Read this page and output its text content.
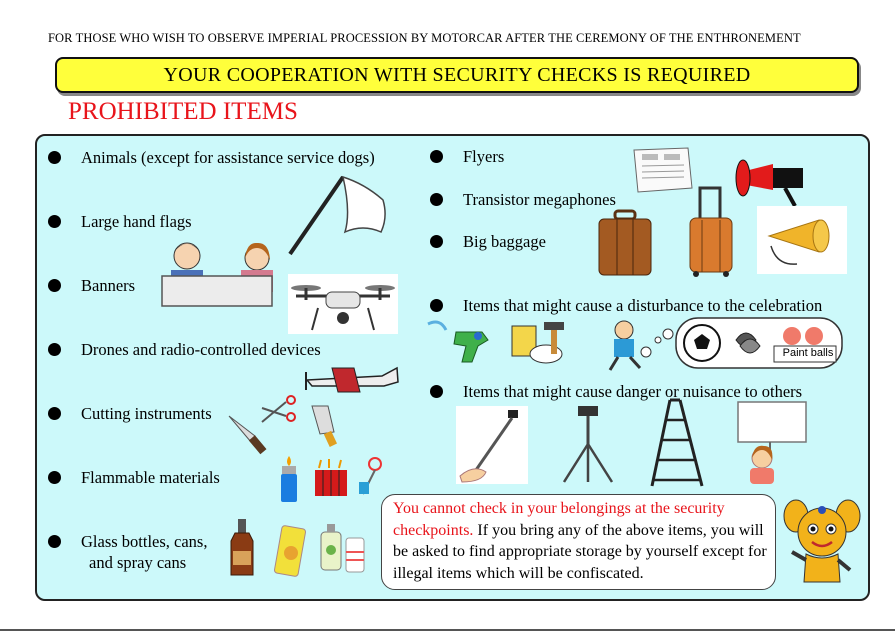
FOR THOSE WHO WISH TO OBSERVE IMPERIAL PROCESSION BY MOTORCAR AFTER THE CEREMONY OF THE ENTHRONEMENT
YOUR COOPERATION WITH SECURITY CHECKS IS REQUIRED
PROHIBITED ITEMS
Animals (except for assistance service dogs)
Large hand flags
Banners
Drones and radio-controlled devices
Cutting instruments
Flammable materials
Glass bottles, cans,
and spray cans
Flyers
Transistor megaphones
Big baggage
Items that might cause a disturbance to the celebration
Items that might cause danger or nuisance to others
Paint balls
You cannot check in your belongings at the security checkpoints. If you bring any of the above items, you will be asked to find appropriate storage by yourself except for illegal items which will be confiscated.
